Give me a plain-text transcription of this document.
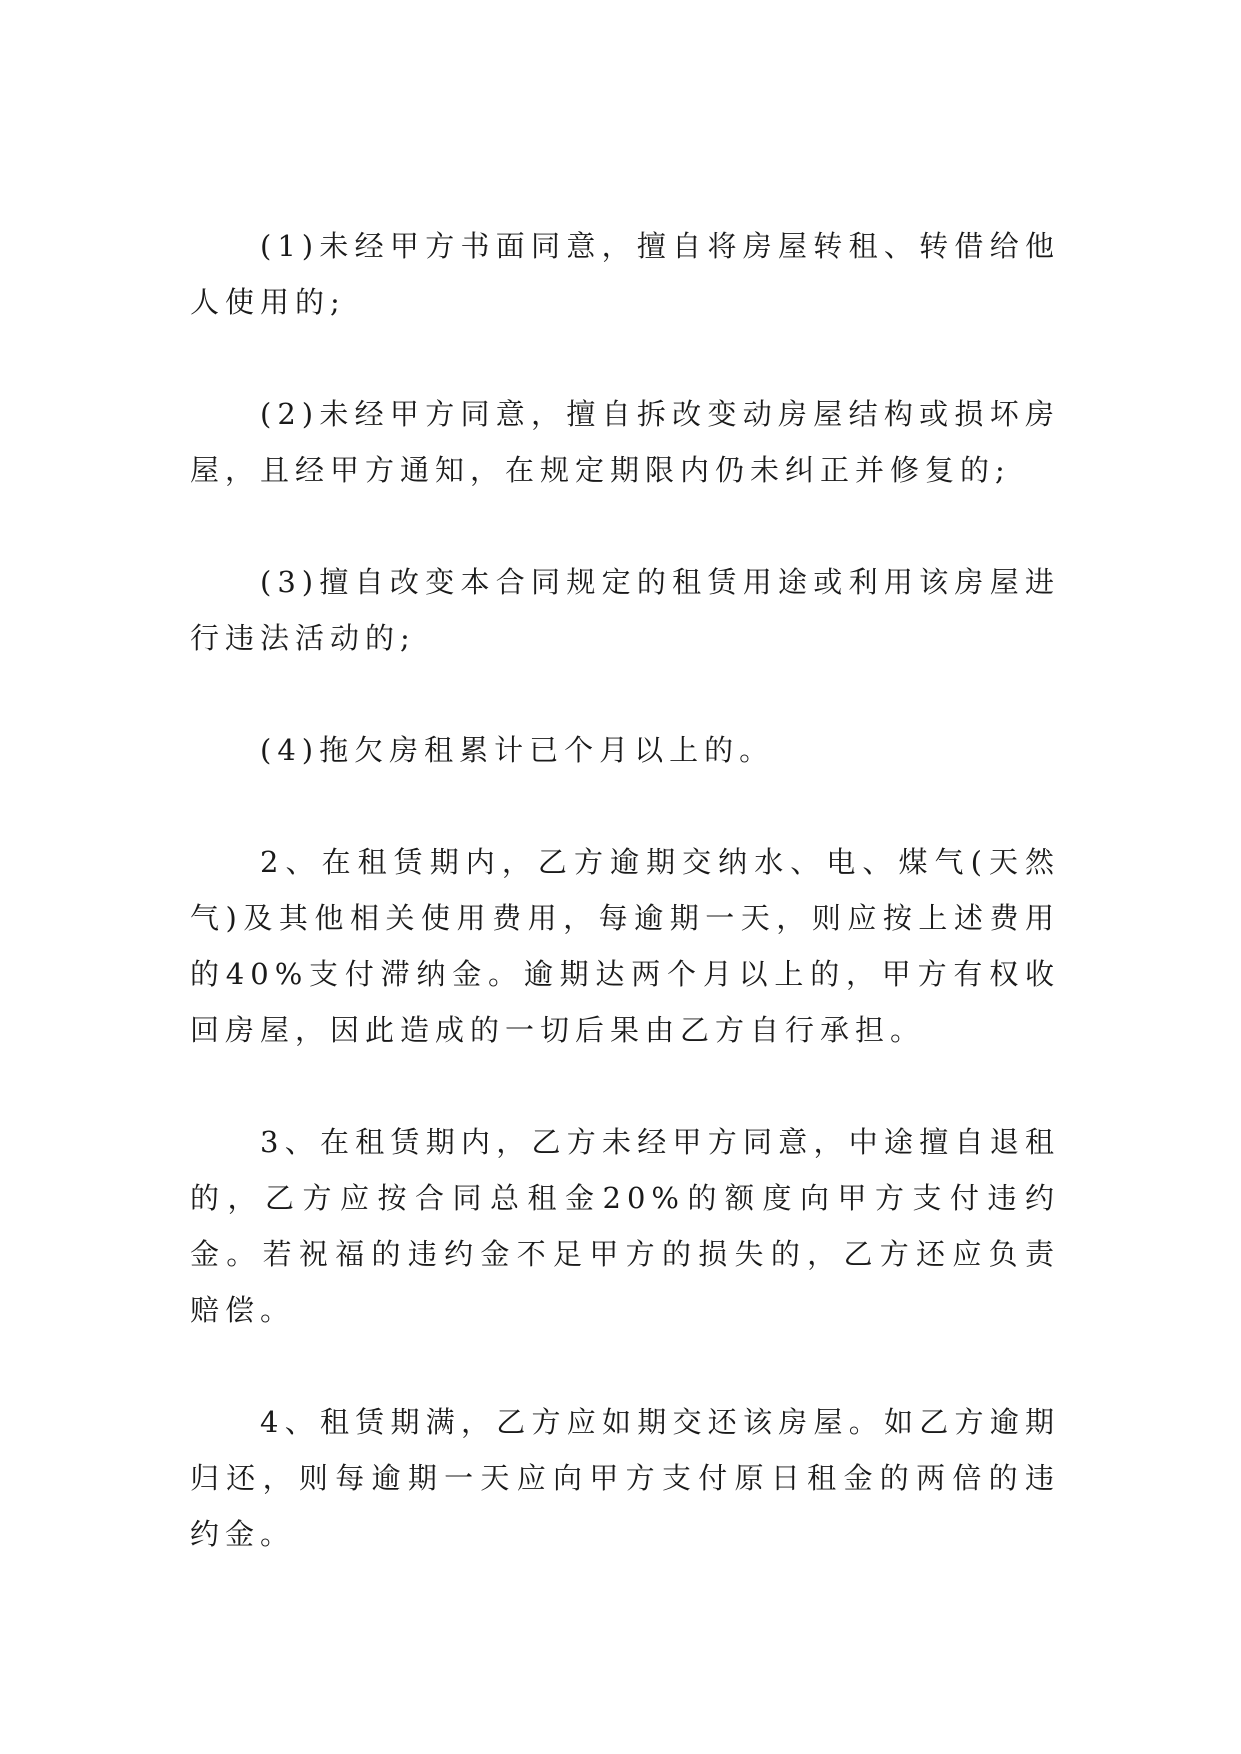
(1)未经甲方书面同意，擅自将房屋转租、转借给他人使用的;

(2)未经甲方同意，擅自拆改变动房屋结构或损坏房屋，且经甲方通知，在规定期限内仍未纠正并修复的;

(3)擅自改变本合同规定的租赁用途或利用该房屋进行违法活动的;

(4)拖欠房租累计已个月以上的。

2、在租赁期内，乙方逾期交纳水、电、煤气(天然气)及其他相关使用费用，每逾期一天，则应按上述费用的40%支付滞纳金。逾期达两个月以上的，甲方有权收回房屋，因此造成的一切后果由乙方自行承担。

3、在租赁期内，乙方未经甲方同意，中途擅自退租的，乙方应按合同总租金20%的额度向甲方支付违约金。若祝福的违约金不足甲方的损失的，乙方还应负责赔偿。

4、租赁期满，乙方应如期交还该房屋。如乙方逾期归还，则每逾期一天应向甲方支付原日租金的两倍的违约金。
